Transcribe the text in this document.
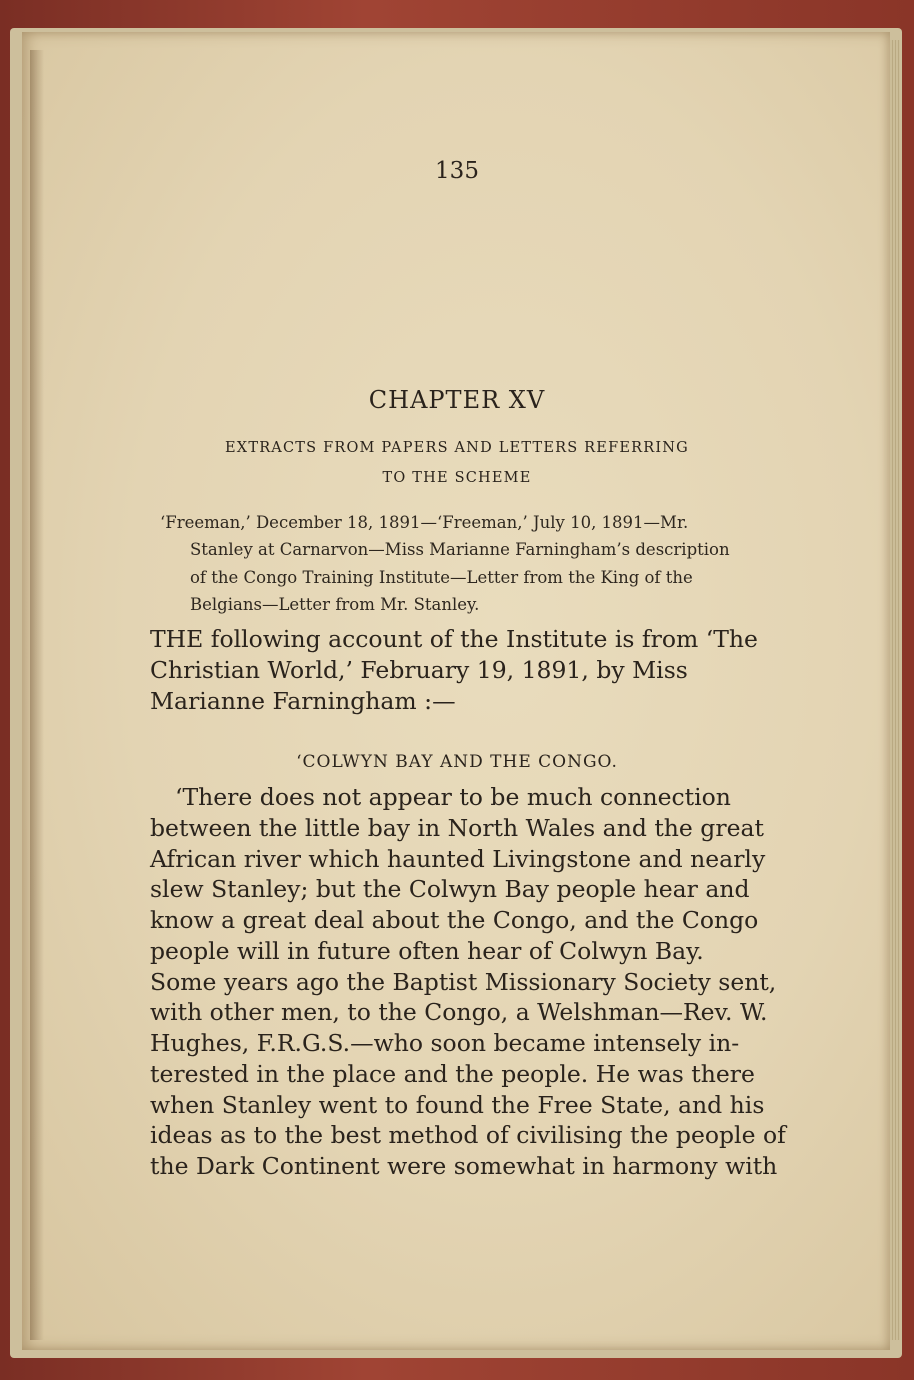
135
CHAPTER XV
EXTRACTS FROM PAPERS AND LETTERS REFERRING
TO THE SCHEME
‘Freeman,’ December 18, 1891—‘Freeman,’ July 10, 1891—Mr.
Stanley at Carnarvon—Miss Marianne Farningham’s description
of the Congo Training Institute—Letter from the King of the
Belgians—Letter from Mr. Stanley.
THE following account of the Institute is from ‘The
Christian World,’ February 19, 1891, by Miss
Marianne Farningham :—
‘COLWYN BAY AND THE CONGO.
‘There does not appear to be much connection
between the little bay in North Wales and the great
African river which haunted Livingstone and nearly
slew Stanley; but the Colwyn Bay people hear and
know a great deal about the Congo, and the Congo
people will in future often hear of Colwyn Bay.
Some years ago the Baptist Missionary Society sent,
with other men, to the Congo, a Welshman—Rev. W.
Hughes, F.R.G.S.—who soon became intensely in-
terested in the place and the people. He was there
when Stanley went to found the Free State, and his
ideas as to the best method of civilising the people of
the Dark Continent were somewhat in harmony with
